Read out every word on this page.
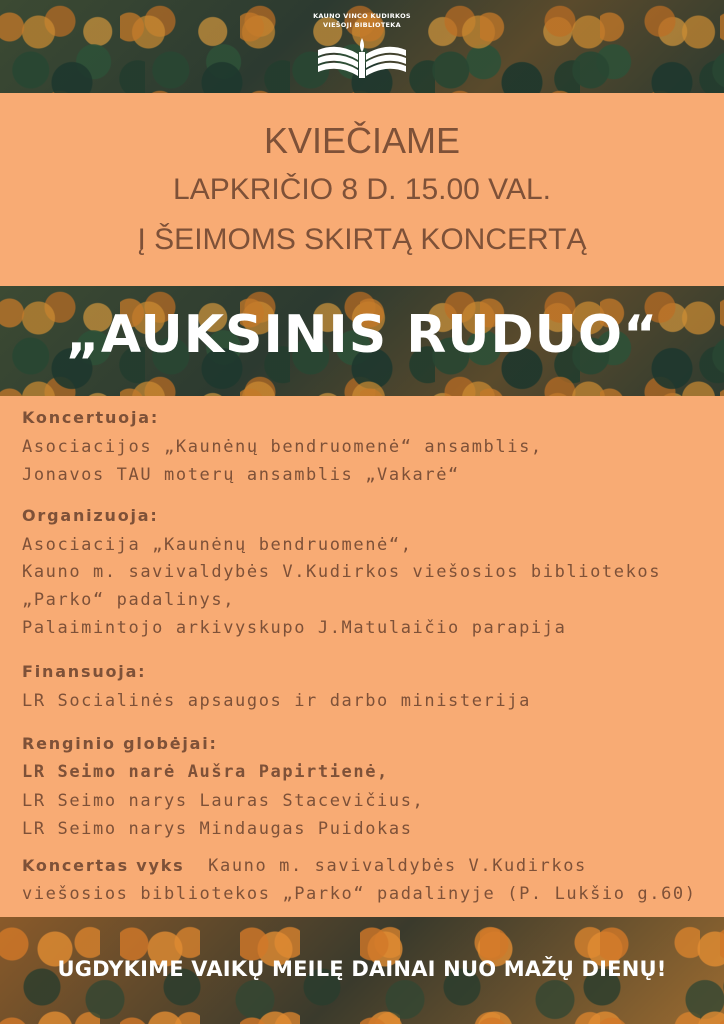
KAUNO VINCO KUDIRKOS
VIEŠOJI BIBLIOTEKA
KVIEČIAME
LAPKRIČIO 8 D. 15.00 VAL.
Į ŠEIMOMS SKIRTĄ KONCERTĄ
„AUKSINIS RUDUO“
Koncertuoja:
Asociacijos „Kaunėnų bendruomenė“ ansamblis,
Jonavos TAU moterų ansamblis „Vakarė“
Organizuoja:
Asociacija „Kaunėnų bendruomenė“,
Kauno m. savivaldybės V.Kudirkos viešosios bibliotekos
„Parko“ padalinys,
Palaimintojo arkivyskupo J.Matulaičio parapija
Finansuoja:
LR Socialinės apsaugos ir darbo ministerija
Renginio globėjai:
LR Seimo narė Aušra Papirtienė,
LR Seimo narys Lauras Stacevičius,
LR Seimo narys Mindaugas Puidokas
Koncertas vyks Kauno m. savivaldybės V.Kudirkos
viešosios bibliotekos „Parko“ padalinyje (P. Lukšio g.60)
UGDYKIME VAIKŲ MEILĘ DAINAI NUO MAŽŲ DIENŲ!
